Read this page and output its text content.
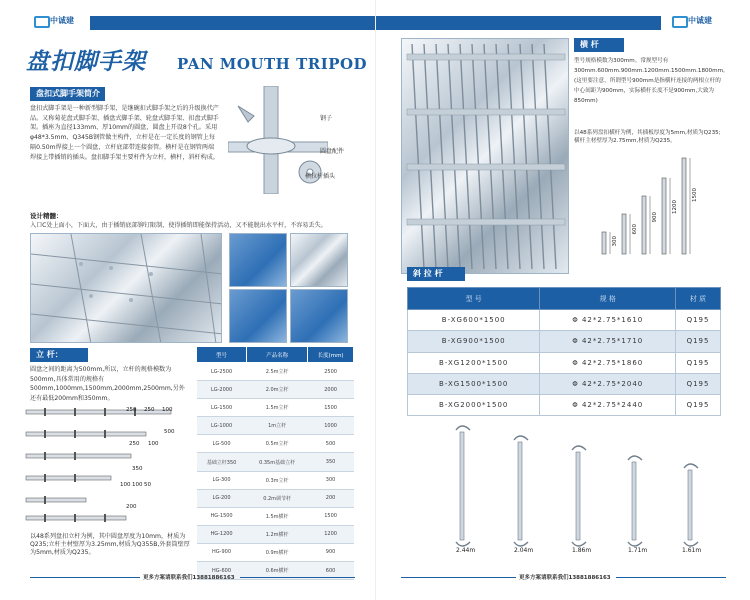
中诚建
盘扣脚手架 PAN MOUTH TRIPOD
盘扣式脚手架简介
盘扣式脚手架是一种新型脚手架，是继碗扣式脚手架之后的升级换代产品。又称菊花盘式脚手架、插盘式脚手架、轮盘式脚手架、扣盘式脚手架。插座为直径133mm、厚10mm的圆盘，圆盘上开设8个孔。采用φ48*3.5mm、Q345B钢管做主构件，立杆是在一定长度的钢管上每隔0.50m焊接上一个圆盘，立杆底部带连接套管。横杆是在钢管两端焊接上带插销的插头。盘扣脚手架主要杆件为立杆，横杆，斜杆构成。
钢子
圆盘配件
横拉杆插头
设计精髓：
入口C处上面小，下面大，由于插销底部铆钉限制，使得插销即能保持活动，又不能脱出水平杆，不容易丢失。
立 杆：
圆盘之间的距离为500mm,所以，立杆的规格模数为500mm,具体常用的规格有500mm,1000mm,1500mm,2000mm,2500mm,另外还有最低200mm和350mm。
250 250 100
500
250 100
350
100 100 50
200
以48系列盘扣立杆为例，其中圆盘厚度为10mm，材质为Q235;立杆主材壁厚为3.25mm,材质为Q355B,外套筒壁厚为5mm,材质为Q235。
型号	产品名称	长度(mm)
LG-2500	2.5m立杆	2500
LG-2000	2.0m立杆	2000
LG-1500	1.5m立杆	1500
LG-1000	1m立杆	1000
LG-500	0.5m立杆	500
基础立杆350	0.35m基础立杆	350
LG-300	0.3m立杆	300
LG-200	0.2m调节杆	200
HG-1500	1.5m横杆	1500
HG-1200	1.2m横杆	1200
HG-900	0.9m横杆	900
HG-600	0.6m横杆	600
更多方案请联系我们13881886163
中诚建
横 杆
型号规格模数为300mm。常规型号有300mm.600mm.900mm.1200mm.1500mm.1800mm。(这里要注意，所谓型号900mm是指横杆连接的两根立杆的中心间距为900mm，实际横杆长度不是900mm,大致为850mm)
以48系列盘扣横杆为例，其插板厚度为5mm,材质为Q235;横杆主材壁厚为2.75mm,材质为Q235。
300
600
900
1200
1500
斜 拉 杆
型 号	规 格	材 质
B-XG600*1500	Φ 42*2.75*1610	Q195
B-XG900*1500	Φ 42*2.75*1710	Q195
B-XG1200*1500	Φ 42*2.75*1860	Q195
B-XG1500*1500	Φ 42*2.75*2040	Q195
B-XG2000*1500	Φ 42*2.75*2440	Q195
2.44m	2.04m	1.86m	1.71m	1.61m
更多方案请联系我们13881886163
